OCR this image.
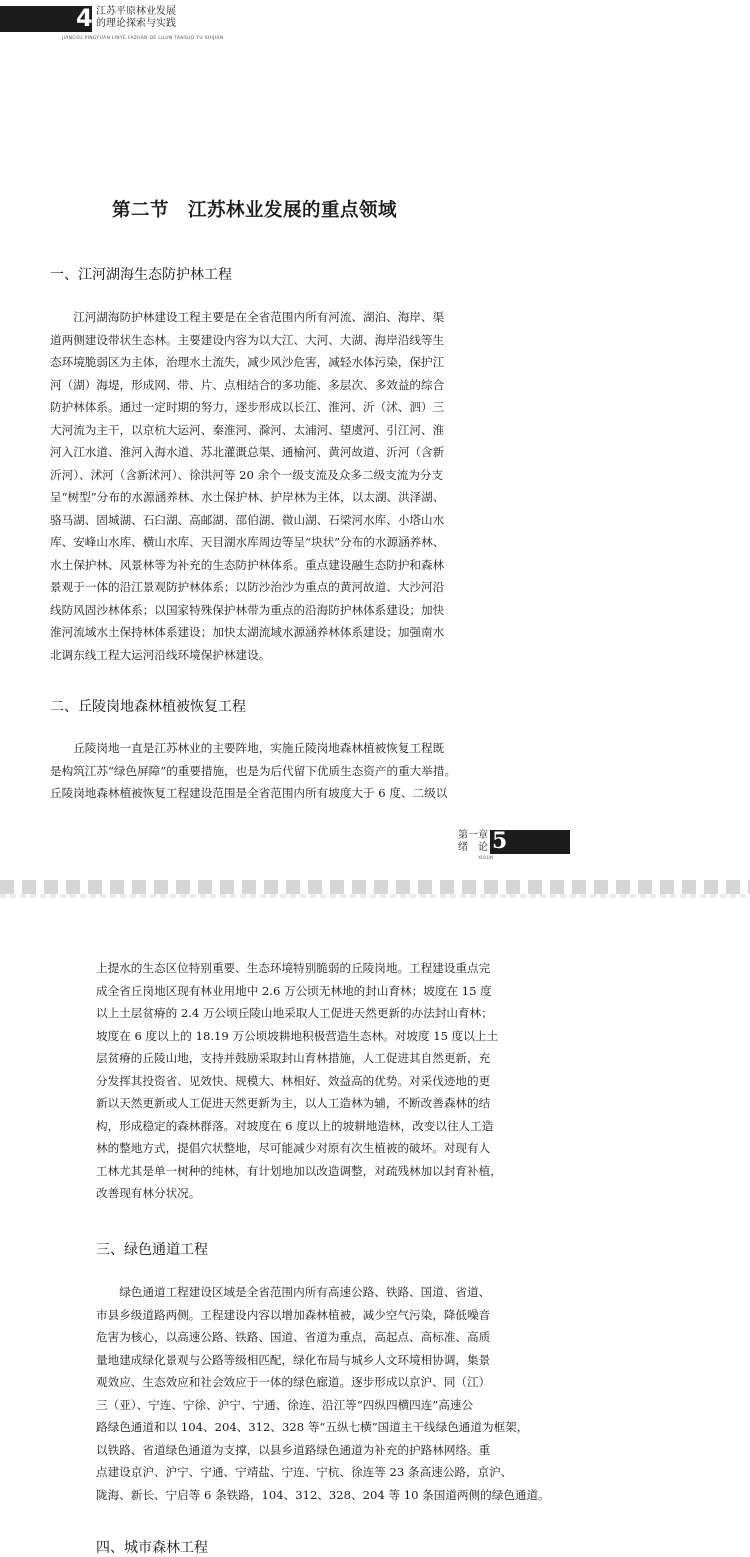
4 江苏平原林业发展
的理论探索与实践
JIANGSU PINGYUAN LINYE FAZHAN DE LILUN TANSUO YU SHIJIAN
第二节　江苏林业发展的重点领域
一、江河湖海生态防护林工程
　　江河湖海防护林建设工程主要是在全省范围内所有河流、湖泊、海岸、渠
道两侧建设带状生态林。主要建设内容为以大江、大河、大湖、海岸沿线等生
态环境脆弱区为主体，治理水土流失，减少风沙危害，减轻水体污染，保护江
河（湖）海堤，形成网、带、片、点相结合的多功能、多层次、多效益的综合
防护林体系。通过一定时期的努力，逐步形成以长江、淮河、沂（沭、泗）三
大河流为主干，以京杭大运河、秦淮河、滁河、太浦河、望虞河、引江河、淮
河入江水道、淮河入海水道、苏北灌溉总渠、通榆河、黄河故道、沂河（含新
沂河）、沭河（含新沭河）、徐洪河等 20 余个一级支流及众多二级支流为分支
呈“树型”分布的水源涵养林、水土保护林、护岸林为主体，以太湖、洪泽湖、
骆马湖、固城湖、石臼湖、高邮湖、邵伯湖、微山湖、石梁河水库、小塔山水
库、安峰山水库、横山水库、天目湖水库周边等呈“块状”分布的水源涵养林、
水土保护林、风景林等为补充的生态防护林体系。重点建设融生态防护和森林
景观于一体的沿江景观防护林体系；以防沙治沙为重点的黄河故道、大沙河沿
线防风固沙林体系；以国家特殊保护林带为重点的沿海防护林体系建设；加快
淮河流域水土保持林体系建设；加快太湖流域水源涵养林体系建设；加强南水
北调东线工程大运河沿线环境保护林建设。
二、丘陵岗地森林植被恢复工程
　　丘陵岗地一直是江苏林业的主要阵地，实施丘陵岗地森林植被恢复工程既
是构筑江苏“绿色屏障”的重要措施，也是为后代留下优质生态资产的重大举措。
丘陵岗地森林植被恢复工程建设范围是全省范围内所有坡度大于 6 度、二级以
第一章
绪　论 5
XULUN
上提水的生态区位特别重要、生态环境特别脆弱的丘陵岗地。工程建设重点完
成全省丘岗地区现有林业用地中 2.6 万公顷无林地的封山育林；坡度在 15 度
以上土层贫瘠的 2.4 万公顷丘陵山地采取人工促进天然更新的办法封山育林；
坡度在 6 度以上的 18.19 万公顷坡耕地积极营造生态林。对坡度 15 度以上土
层贫瘠的丘陵山地，支持并鼓励采取封山育林措施，人工促进其自然更新，充
分发挥其投资省、见效快、规模大、林相好、效益高的优势。对采伐迹地的更
新以天然更新或人工促进天然更新为主，以人工造林为辅，不断改善森林的结
构，形成稳定的森林群落。对坡度在 6 度以上的坡耕地造林，改变以往人工造
林的整地方式，提倡穴状整地，尽可能减少对原有次生植被的破坏。对现有人
工林尤其是单一树种的纯林，有计划地加以改造调整，对疏残林加以封育补植，
改善现有林分状况。
三、绿色通道工程
　　绿色通道工程建设区域是全省范围内所有高速公路、铁路、国道、省道、
市县乡级道路两侧。工程建设内容以增加森林植被，减少空气污染，降低噪音
危害为核心，以高速公路、铁路、国道、省道为重点，高起点、高标准、高质
量地建成绿化景观与公路等级相匹配，绿化布局与城乡人文环境相协调，集景
观效应、生态效应和社会效应于一体的绿色廊道。逐步形成以京沪、同（江）
三（亚）、宁连、宁徐、沪宁、宁通、徐连、沿江等“四纵四横四连”高速公
路绿色通道和以 104、204、312、328 等“五纵七横”国道主干线绿色通道为框架，
以铁路、省道绿色通道为支撑，以县乡道路绿色通道为补充的护路林网络。重
点建设京沪、沪宁、宁通、宁靖盐、宁连、宁杭、徐连等 23 条高速公路，京沪、
陇海、新长、宁启等 6 条铁路，104、312、328、204 等 10 条国道两侧的绿色通道。
四、城市森林工程
